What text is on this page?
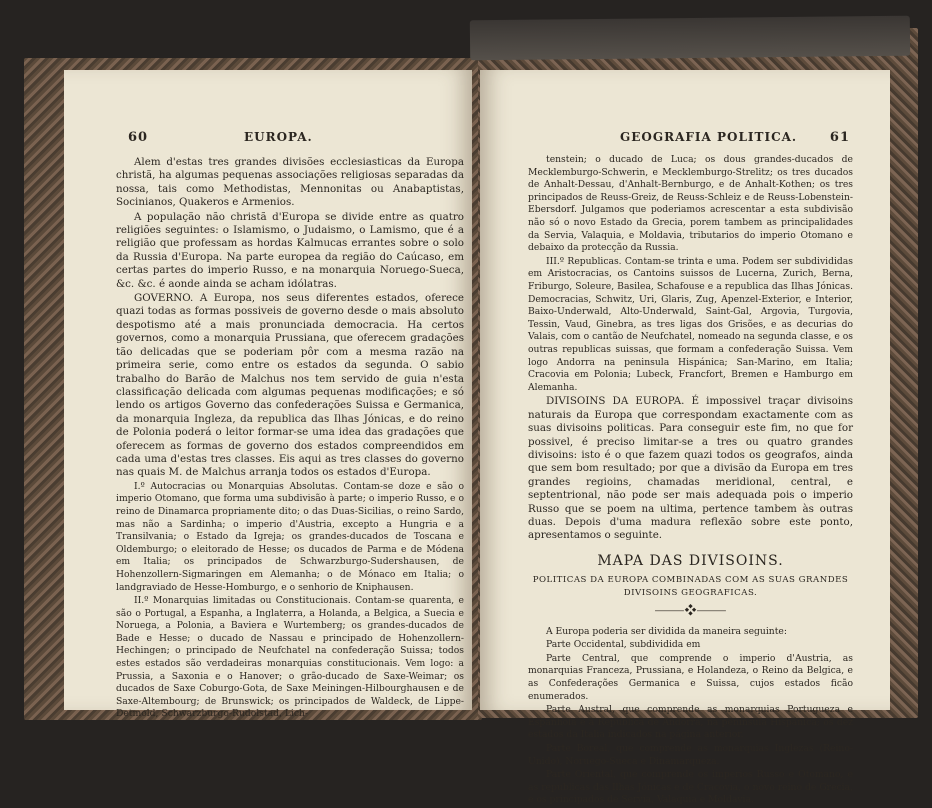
60	EUROPA.

Alem d'estas tres grandes divisões ecclesiasticas da Europa christã, ha algumas pequenas associações religiosas separadas da nossa, tais como Methodistas, Mennonitas ou Anabaptistas, Socinianos, Quakeros e Armenios.

A população não christã d'Europa se divide entre as quatro religiões seguintes: o Islamismo, o Judaismo, o Lamismo, que é a religião que professam as hordas Kalmucas errantes sobre o solo da Russia d'Europa. Na parte europea da região do Caúcaso, em certas partes do imperio Russo, e na monarquia Noruego-Sueca, &c. &c. é aonde ainda se acham idólatras.

GOVERNO. A Europa, nos seus diferentes estados, oferece quazi todas as formas possiveis de governo desde o mais absoluto despotismo até a mais pronunciada democracia. Ha certos governos, como a monarquia Prussiana, que oferecem gradações tão delicadas que se poderiam pôr com a mesma razão na primeira serie, como entre os estados da segunda. O sabio trabalho do Barão de Malchus nos tem servido de guia n'esta classificação delicada com algumas pequenas modificações; e só lendo os artigos Governo das confederações Suissa e Germanica, da monarquia Ingleza, da republica das Ilhas Jónicas, e do reino de Polonia poderá o leitor formar-se uma idea das gradações que oferecem as formas de governo dos estados compreendidos em cada uma d'estas tres classes. Eis aqui as tres classes do governo nas quais M. de Malchus arranja todos os estados d'Europa.

I.º Autocracias ou Monarquias Absolutas. Contam-se doze e são o imperio Otomano, que forma uma subdivisão à parte; o imperio Russo, e o reino de Dinamarca propriamente dito; o das Duas-Sicilias, o reino Sardo, mas não a Sardinha; o imperio d'Austria, excepto a Hungria e a Transilvania; o Estado da Igreja; os grandes-ducados de Toscana e Oldemburgo; o eleitorado de Hesse; os ducados de Parma e de Módena em Italia; os principados de Schwarzburgo-Sudershausen, de Hohenzollern-Sigmaringen em Alemanha; o de Mónaco em Italia; o landgraviado de Hesse-Homburgo, e o senhorio de Kniphausen.

II.º Monarquias limitadas ou Constitucionais. Contam-se quarenta, e são o Portugal, a Espanha, a Inglaterra, a Holanda, a Belgica, a Suecia e Noruega, a Polonia, a Baviera e Wurtemberg; os grandes-ducados de Bade e Hesse; o ducado de Nassau e principado de Hohenzollern-Hechingen; o principado de Neufchatel na confederação Suissa; todos estes estados são verdadeiras monarquias constitucionais. Vem logo: a Prussia, a Saxonia e o Hanover; o grão-ducado de Saxe-Weimar; os ducados de Saxe Coburgo-Gota, de Saxe Meiningen-Hilbourghausen e de Saxe-Altembourg; de Brunswick; os principados de Waldeck, de Lippe-Detmold, Schwarzburgo-Rudolstad, Lich-

GEOGRAFIA POLITICA.	61

tenstein; o ducado de Luca; os dous grandes-ducados de Mecklemburgo-Schwerin, e Mecklemburgo-Strelitz; os tres ducados de Anhalt-Dessau, d'Anhalt-Bernburgo, e de Anhalt-Kothen; os tres principados de Reuss-Greiz, de Reuss-Schleiz e de Reuss-Lobenstein-Ebersdorf. Julgamos que poderiamos acrescentar a esta subdivisão não só o novo Estado da Grecia, porem tambem as principalidades da Servia, Valaquia, e Moldavia, tributarios do imperio Otomano e debaixo da protecção da Russia.

III.º Republicas. Contam-se trinta e uma. Podem ser subdivididas em Aristocracias, os Cantoins suissos de Lucerna, Zurich, Berna, Friburgo, Soleure, Basilea, Schafouse e a republica das Ilhas Jónicas. Democracias, Schwitz, Uri, Glaris, Zug, Apenzel-Exterior, e Interior, Baixo-Underwald, Alto-Underwald, Saint-Gal, Argovia, Turgovia, Tessin, Vaud, Ginebra, as tres ligas dos Grisões, e as decurias do Valais, com o cantão de Neufchatel, nomeado na segunda classe, e os outras republicas suissas, que formam a confederação Suissa. Vem logo Andorra na peninsula Hispánica; San-Marino, em Italia; Cracovia em Polonia; Lubeck, Francfort, Bremen e Hamburgo em Alemanha.

DIVISOINS DA EUROPA. É impossivel traçar divisoins naturais da Europa que correspondam exactamente com as suas divisoins politicas. Para conseguir este fim, no que for possivel, é preciso limitar-se a tres ou quatro grandes divisoins: isto é o que fazem quazi todos os geografos, ainda que sem bom resultado; por que a divisão da Europa em tres grandes regioins, chamadas meridional, central, e septentrional, não pode ser mais adequada pois o imperio Russo que se poem na ultima, pertence tambem às outras duas. Depois d'uma madura reflexão sobre este ponto, apresentamos o seguinte.

MAPA DAS DIVISOINS.
POLITICAS DA EUROPA COMBINADAS COM AS SUAS GRANDES DIVISOINS GEOGRAFICAS.
⸻❖⸻

A Europa poderia ser dividida da maneira seguinte:

Parte Occidental, subdividida em

Parte Central, que comprende o imperio d'Austria, as monarquias Franceza, Prussiana, e Holandeza, o Reino da Belgica, e as Confederações Germanica e Suissa, cujos estados ficão enumerados.

Parte Austral, que comprende as monarquias Portugueza e Espanhola e a Republica de Andorra, na peninsula Hispánica; os dez estados da Italia indicados na página anterior.

Parte Boreal, que comprende as monarquias Inglezas (Reino-Unido), Noruego-Sueca e Dinamarqueza.

Parte Oriental, que comprende os imperios Russo e Otomano, e as republicas das Ilhas Jónicas e de Cracovia, o novo reino de Grecia, e os principados de Servia, Valaquia e Moldavia.
